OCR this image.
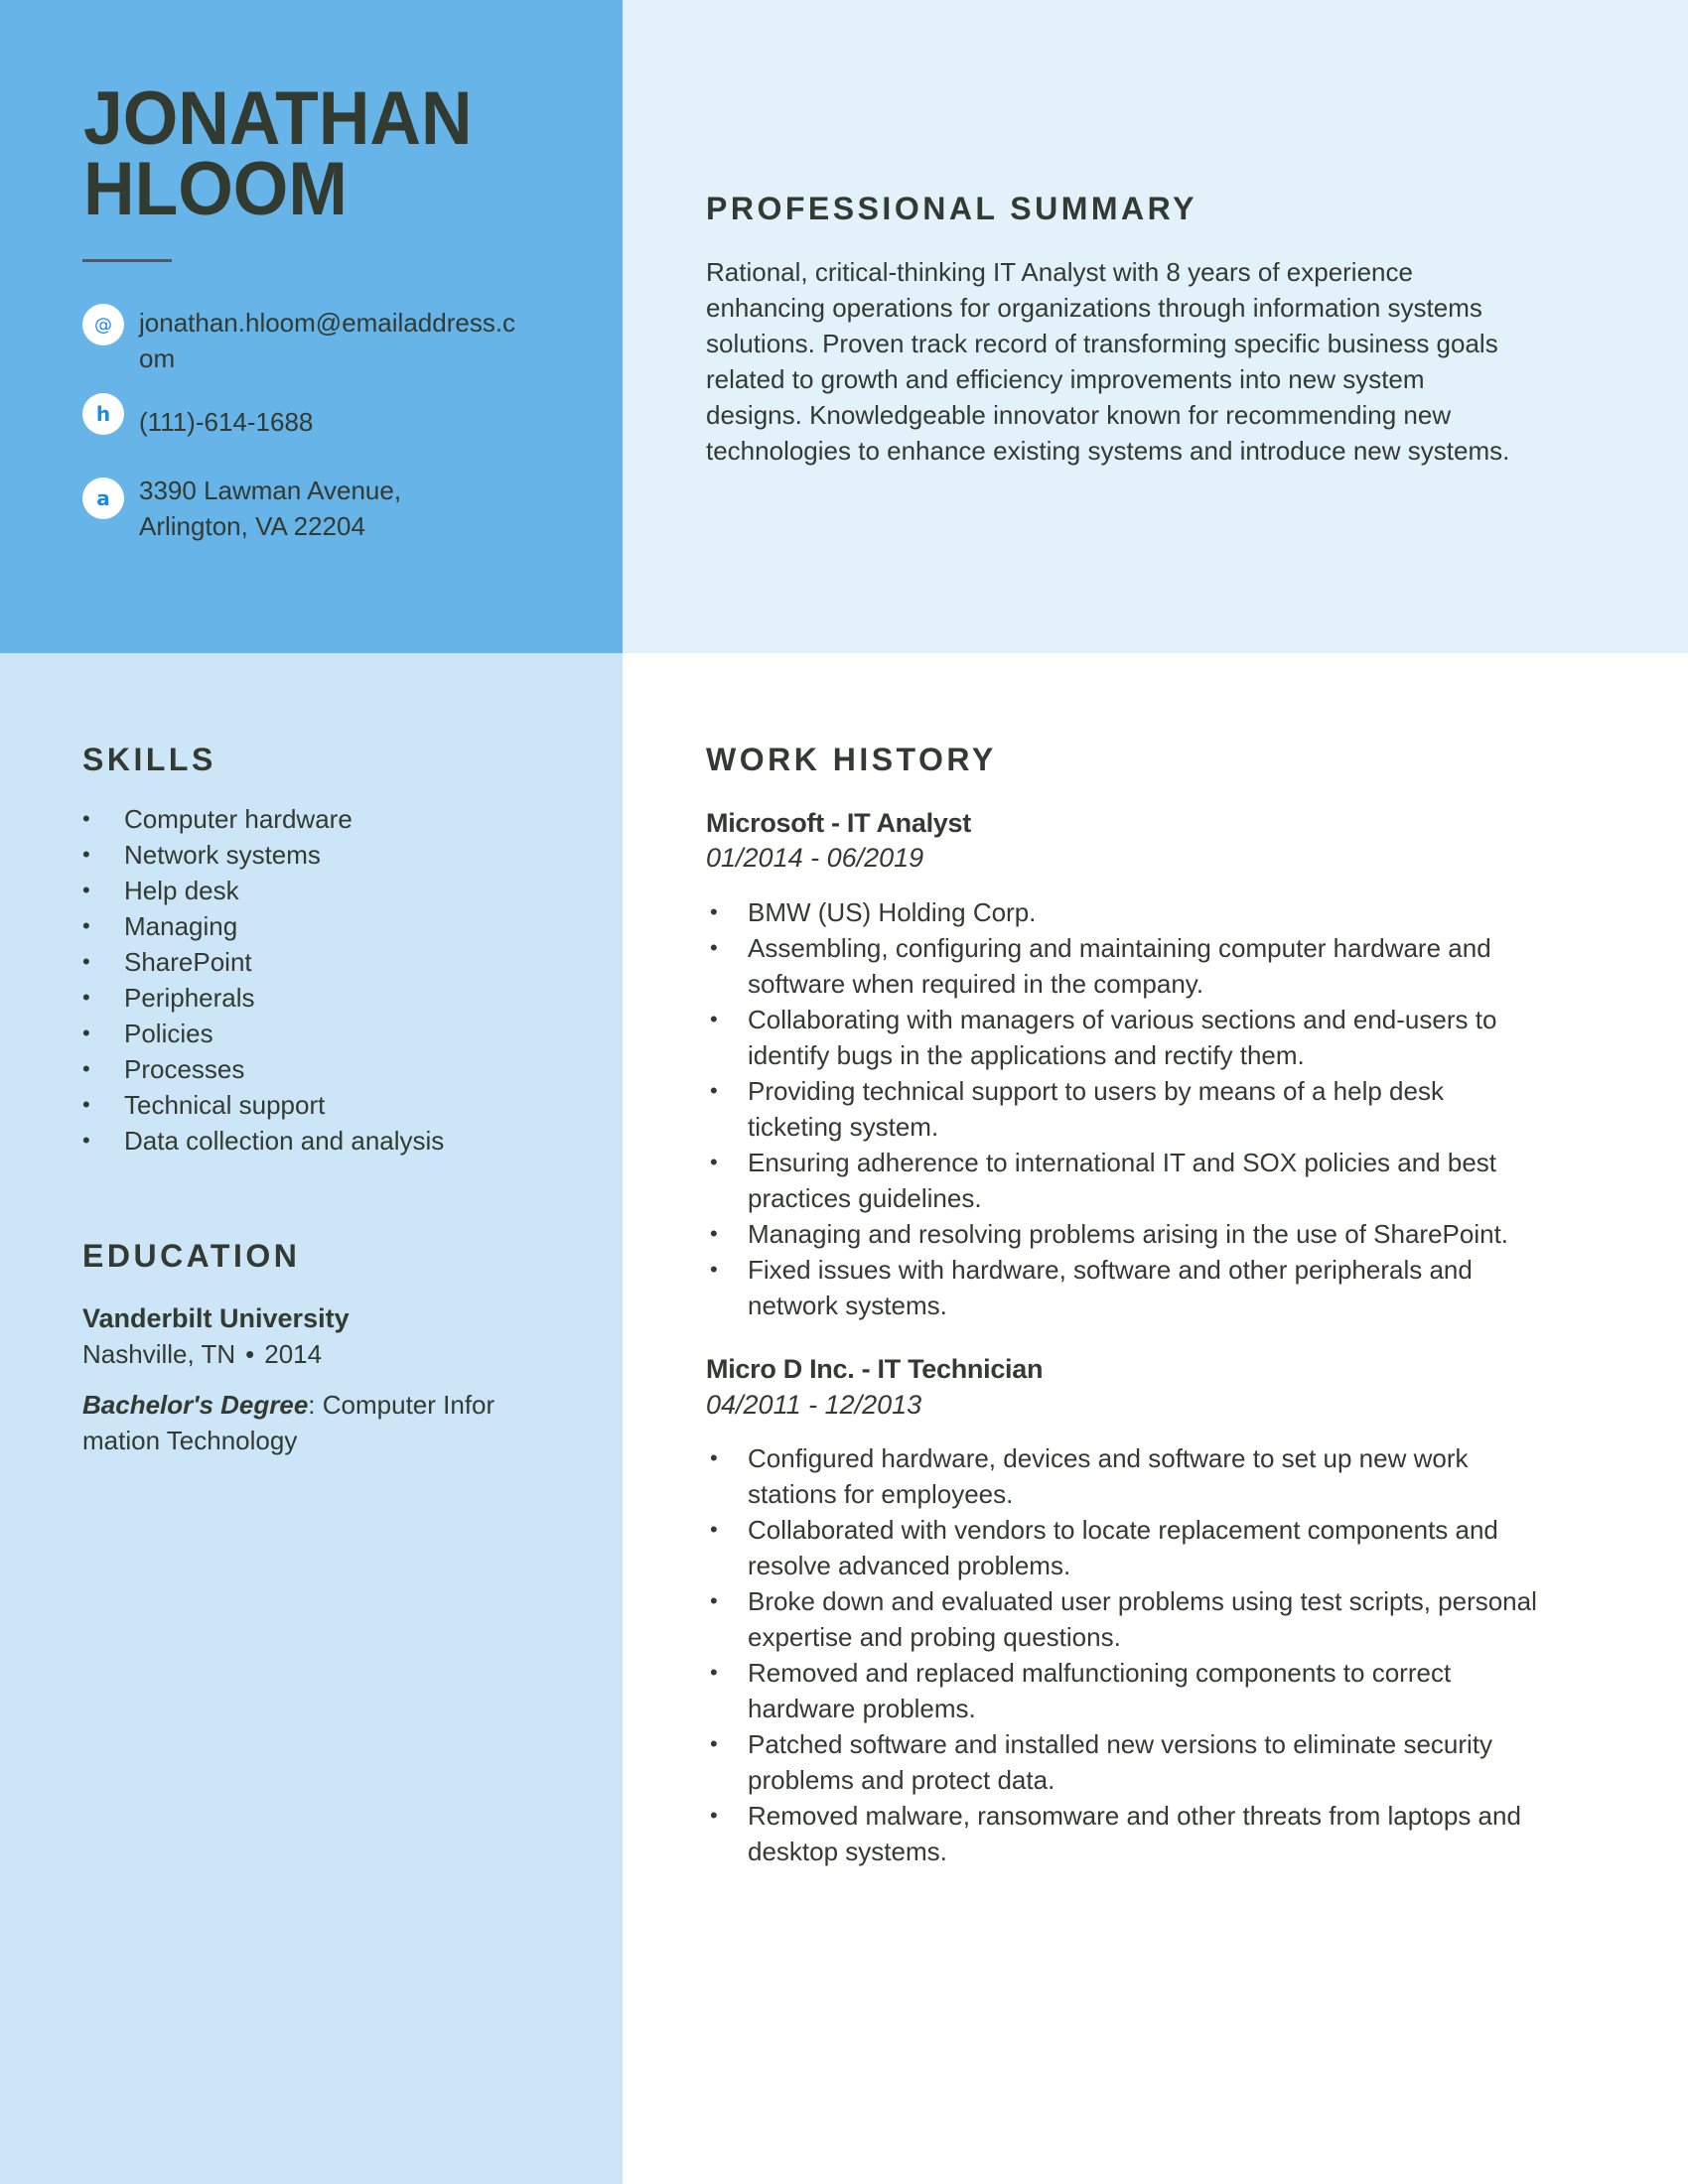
JONATHAN
HLOOM
@	jonathan.hloom@emailaddress.c
om
h	(111)-614-1688
a	3390 Lawman Avenue,
Arlington, VA 22204
PROFESSIONAL SUMMARY
Rational, critical-thinking IT Analyst with 8 years of experience
enhancing operations for organizations through information systems
solutions. Proven track record of transforming specific business goals
related to growth and efficiency improvements into new system
designs. Knowledgeable innovator known for recommending new
technologies to enhance existing systems and introduce new systems.
SKILLS
• Computer hardware
• Network systems
• Help desk
• Managing
• SharePoint
• Peripherals
• Policies
• Processes
• Technical support
• Data collection and analysis
EDUCATION
Vanderbilt University
Nashville, TN • 2014
Bachelor's Degree: Computer Infor
mation Technology
WORK HISTORY
Microsoft - IT Analyst
01/2014 - 06/2019
• BMW (US) Holding Corp.
• Assembling, configuring and maintaining computer hardware and
software when required in the company.
• Collaborating with managers of various sections and end-users to
identify bugs in the applications and rectify them.
• Providing technical support to users by means of a help desk
ticketing system.
• Ensuring adherence to international IT and SOX policies and best
practices guidelines.
• Managing and resolving problems arising in the use of SharePoint.
• Fixed issues with hardware, software and other peripherals and
network systems.
Micro D Inc. - IT Technician
04/2011 - 12/2013
• Configured hardware, devices and software to set up new work
stations for employees.
• Collaborated with vendors to locate replacement components and
resolve advanced problems.
• Broke down and evaluated user problems using test scripts, personal
expertise and probing questions.
• Removed and replaced malfunctioning components to correct
hardware problems.
• Patched software and installed new versions to eliminate security
problems and protect data.
• Removed malware, ransomware and other threats from laptops and
desktop systems.
